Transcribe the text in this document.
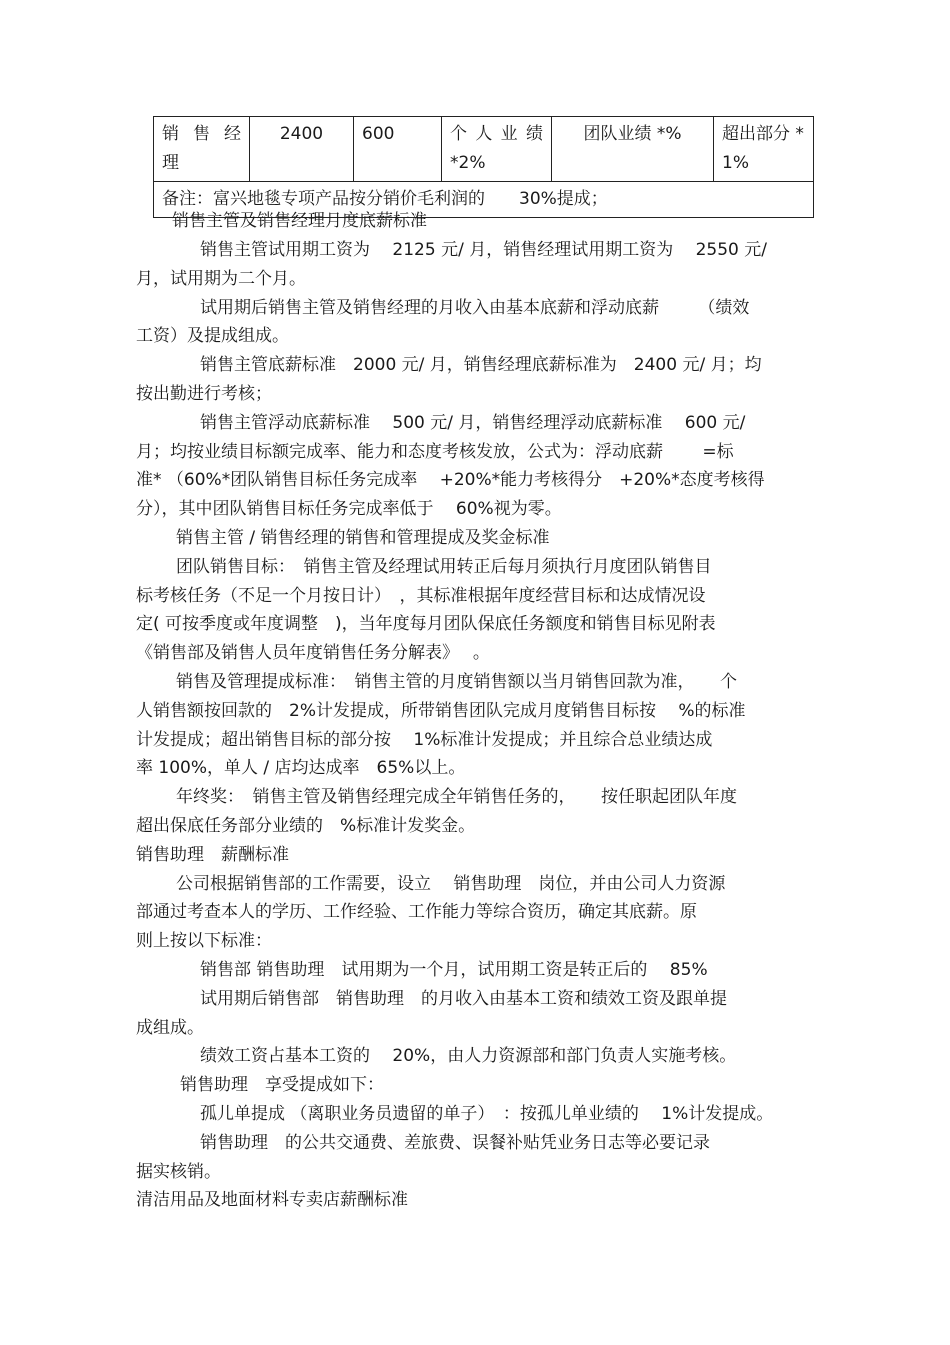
销 售 经 理	2400	600	个 人 业 绩 *2%	团队业绩 *%	超出部分 *1%
备注：富兴地毯专项产品按分销价毛利润的　　30%提成；
销售主管及销售经理月度底薪标准
销售主管试用期工资为　 2125 元/ 月，销售经理试用期工资为　 2550 元/
月，试用期为二个月。
试用期后销售主管及销售经理的月收入由基本底薪和浮动底薪　　 （绩效
工资）及提成组成。
销售主管底薪标准　2000 元/ 月，销售经理底薪标准为　2400 元/ 月；均
按出勤进行考核；
销售主管浮动底薪标准　 500 元/ 月，销售经理浮动底薪标准　 600 元/
月；均按业绩目标额完成率、能力和态度考核发放，公式为：浮动底薪　　 =标
准* （60%*团队销售目标任务完成率　 +20%*能力考核得分　+20%*态度考核得
分），其中团队销售目标任务完成率低于　 60%视为零。
销售主管 / 销售经理的销售和管理提成及奖金标准
团队销售目标：　销售主管及经理试用转正后每月须执行月度团队销售目
标考核任务（不足一个月按日计）　，其标准根据年度经营目标和达成情况设
定( 可按季度或年度调整　)，当年度每月团队保底任务额度和销售目标见附表
《销售部及销售人员年度销售任务分解表》　 。
销售及管理提成标准：　销售主管的月度销售额以当月销售回款为准，　　个
人销售额按回款的　2%计发提成，所带销售团队完成月度销售目标按　 %的标准
计发提成；超出销售目标的部分按　 1%标准计发提成；并且综合总业绩达成
率 100%，单人 / 店均达成率　65%以上。
年终奖：　销售主管及销售经理完成全年销售任务的，　　按任职起团队年度
超出保底任务部分业绩的　%标准计发奖金。
销售助理　薪酬标准
公司根据销售部的工作需要，设立　 销售助理　岗位，并由公司人力资源
部通过考查本人的学历、工作经验、工作能力等综合资历，确定其底薪。原
则上按以下标准：
销售部 销售助理　试用期为一个月，试用期工资是转正后的　 85%
试用期后销售部　销售助理　的月收入由基本工资和绩效工资及跟单提
成组成。
绩效工资占基本工资的　 20%，由人力资源部和部门负责人实施考核。
销售助理　享受提成如下：
孤儿单提成 （离职业务员遗留的单子）　：按孤儿单业绩的　 1%计发提成。
销售助理　的公共交通费、差旅费、误餐补贴凭业务日志等必要记录
据实核销。
清洁用品及地面材料专卖店薪酬标准
